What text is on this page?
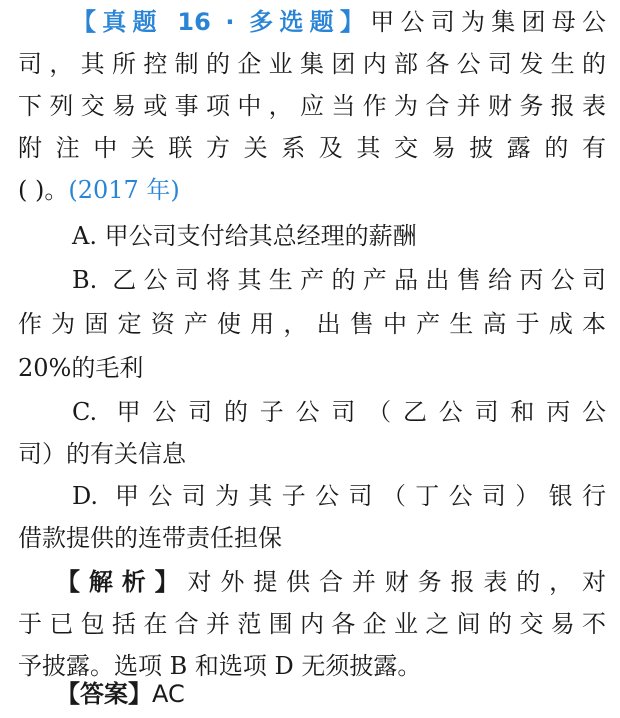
【真题 16 · 多选题】甲公司为集团母公
司，其所控制的企业集团内部各公司发生的
下列交易或事项中，应当作为合并财务报表
附注中关联方关系及其交易披露的有
( )。(2017 年)
A. 甲公司支付给其总经理的薪酬
B. 乙公司将其生产的产品出售给丙公司
作为固定资产使用，出售中产生高于成本
20%的毛利
C. 甲公司的子公司（乙公司和丙公
司）的有关信息
D. 甲公司为其子公司（丁公司）银行
借款提供的连带责任担保
【解析】对外提供合并财务报表的，对
于已包括在合并范围内各企业之间的交易不
予披露。选项 B 和选项 D 无须披露。
【答案】AC
